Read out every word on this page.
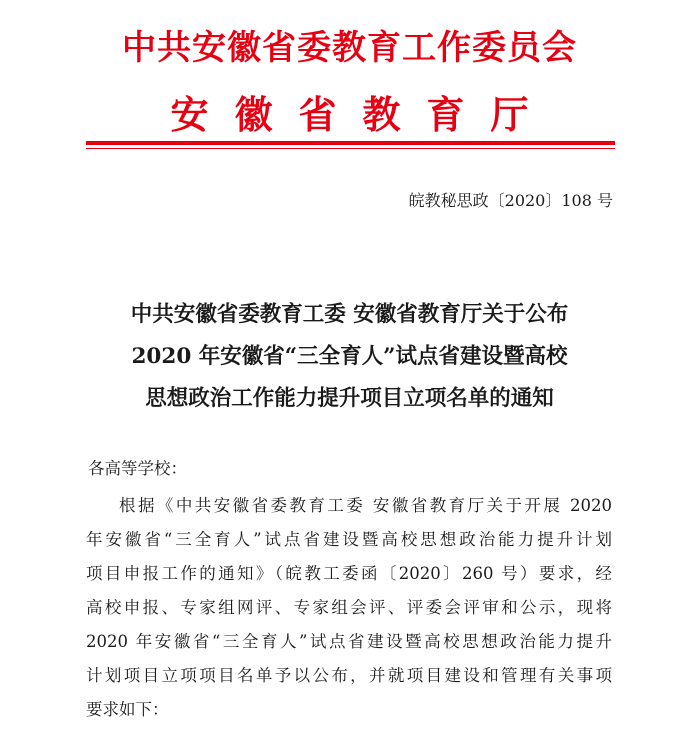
中共安徽省委教育工作委员会
安徽省教育厅
皖教秘思政〔2020〕108 号
中共安徽省委教育工委 安徽省教育厅关于公布
2020 年安徽省“三全育人”试点省建设暨高校
思想政治工作能力提升项目立项名单的通知
各高等学校：
根据《中共安徽省委教育工委 安徽省教育厅关于开展 2020
年安徽省“三全育人”试点省建设暨高校思想政治能力提升计划
项目申报工作的通知》（皖教工委函〔2020〕260 号）要求，经
高校申报、专家组网评、专家组会评、评委会评审和公示，现将
2020 年安徽省“三全育人”试点省建设暨高校思想政治能力提升
计划项目立项项目名单予以公布，并就项目建设和管理有关事项
要求如下：
